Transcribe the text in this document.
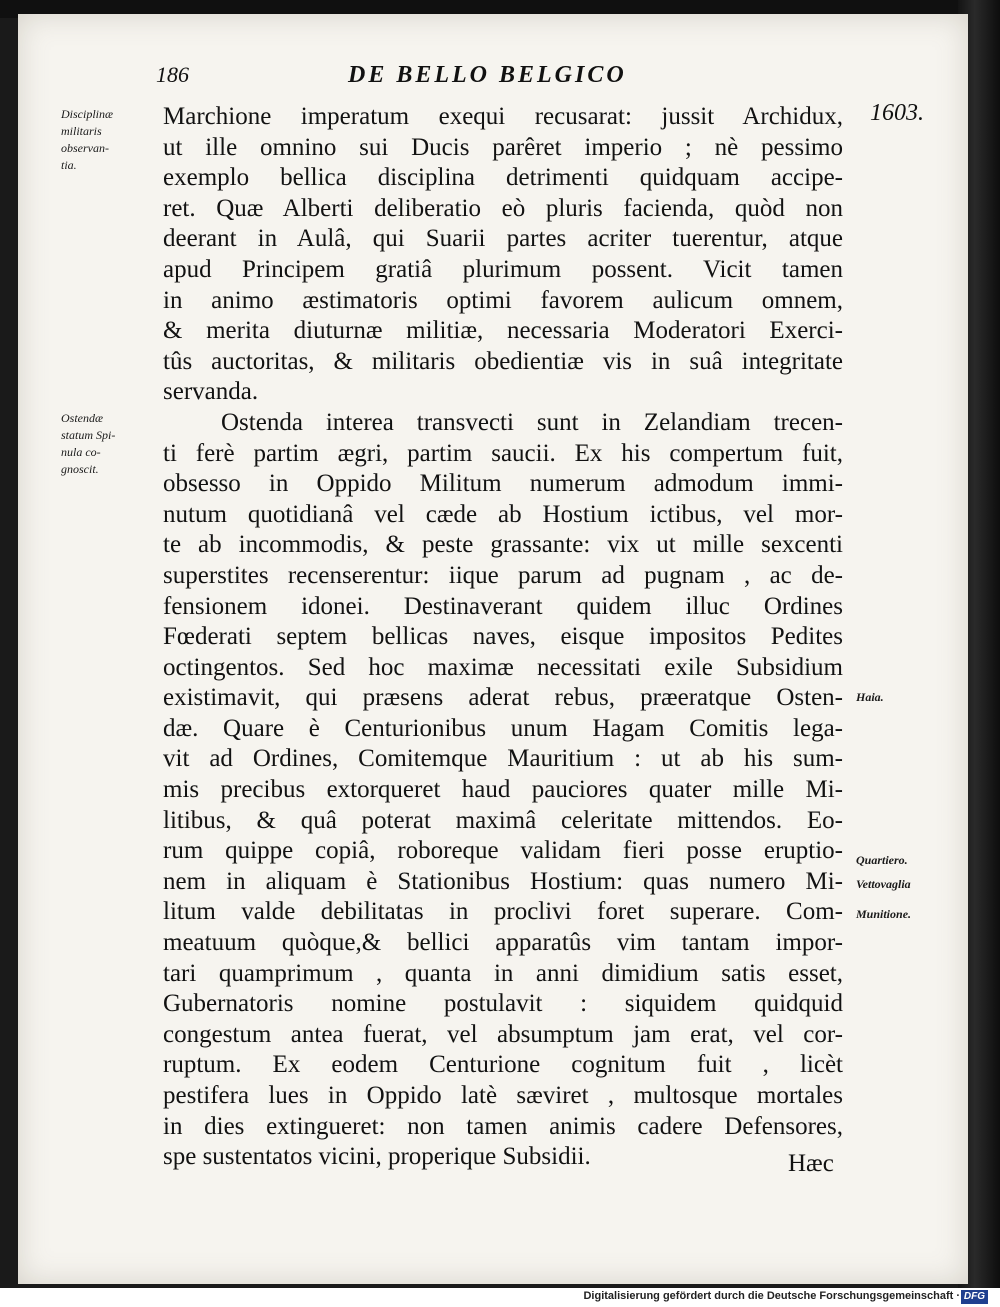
186	DE BELLO BELGICO
1603.
Disciplinæ
militaris
observan-
tia.
Ostendæ
statum Spi-
nula co-
gnoscit.
Haia.
Quartiero.
Vettovaglia
Munitione.
Marchione imperatum exequi recusarat: jussit Archidux,
ut ille omnino sui Ducis parêret imperio ; nè pessimo
exemplo bellica disciplina detrimenti quidquam accipe-
ret. Quæ Alberti deliberatio eò pluris facienda, quòd non
deerant in Aulâ, qui Suarii partes acriter tuerentur, atque
apud Principem gratiâ plurimum possent. Vicit tamen
in animo æstimatoris optimi favorem aulicum omnem,
& merita diuturnæ militiæ, necessaria Moderatori Exerci-
tûs auctoritas, & militaris obedientiæ vis in suâ integritate
servanda.
Ostenda interea transvecti sunt in Zelandiam trecen-
ti ferè partim ægri, partim saucii. Ex his compertum fuit,
obsesso in Oppido Militum numerum admodum immi-
nutum quotidianâ vel cæde ab Hostium ictibus, vel mor-
te ab incommodis, & peste grassante: vix ut mille sexcenti
superstites recenserentur: iique parum ad pugnam , ac de-
fensionem idonei. Destinaverant quidem illuc Ordines
Fœderati septem bellicas naves, eisque impositos Pedites
octingentos. Sed hoc maximæ necessitati exile Subsidium
existimavit, qui præsens aderat rebus, præeratque Osten-
dæ. Quare è Centurionibus unum Hagam Comitis lega-
vit ad Ordines, Comitemque Mauritium : ut ab his sum-
mis precibus extorqueret haud pauciores quater mille Mi-
litibus, & quâ poterat maximâ celeritate mittendos. Eo-
rum quippe copiâ, roboreque validam fieri posse eruptio-
nem in aliquam è Stationibus Hostium: quas numero Mi-
litum valde debilitatas in proclivi foret superare. Com-
meatuum quòque,& bellici apparatûs vim tantam impor-
tari quamprimum , quanta in anni dimidium satis esset,
Gubernatoris nomine postulavit : siquidem quidquid
congestum antea fuerat, vel absumptum jam erat, vel cor-
ruptum. Ex eodem Centurione cognitum fuit , licèt
pestifera lues in Oppido latè sæviret , multosque mortales
in dies extingueret: non tamen animis cadere Defensores,
spe sustentatos vicini, properique Subsidii.	Hæc
Digitalisierung gefördert durch die Deutsche Forschungsgemeinschaft · DFG
